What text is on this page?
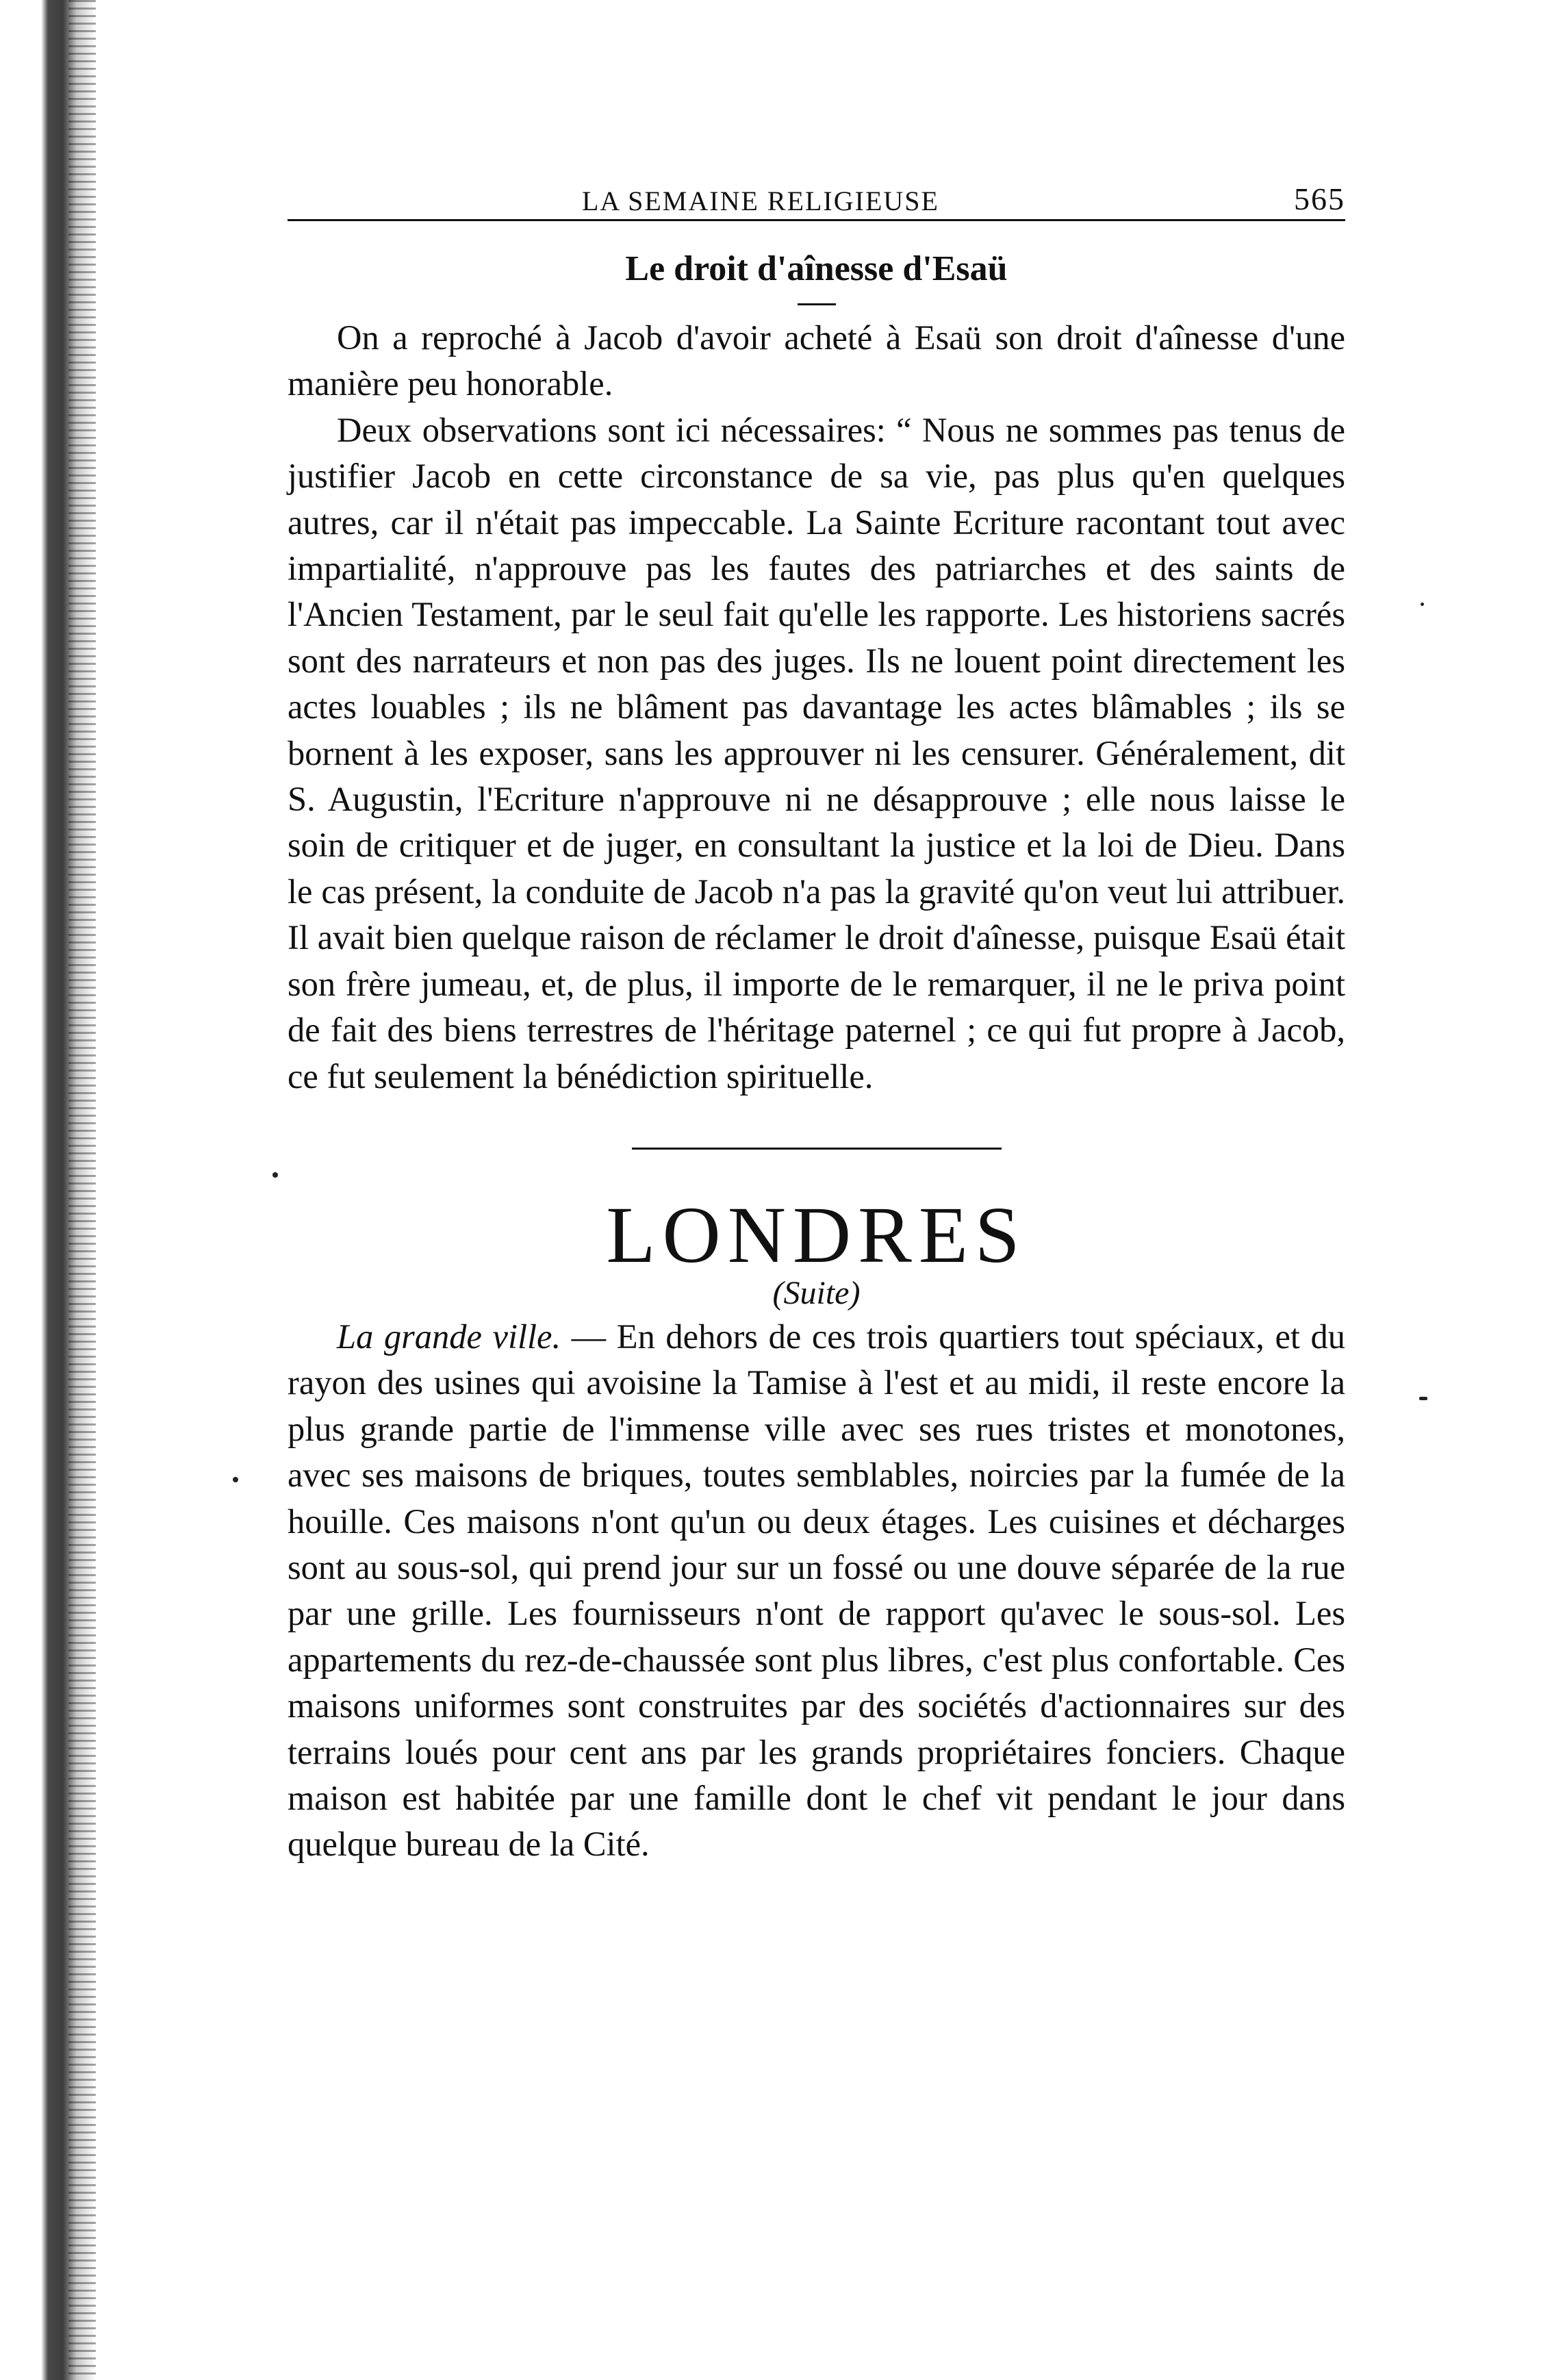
LA SEMAINE RELIGIEUSE	565
Le droit d'aînesse d'Esaü

On a reproché à Jacob d'avoir acheté à Esaü son droit d'aînesse d'une manière peu honorable.

Deux observations sont ici nécessaires: “ Nous ne sommes pas tenus de justifier Jacob en cette circonstance de sa vie, pas plus qu'en quelques autres, car il n'était pas impeccable. La Sainte Ecriture racontant tout avec impartialité, n'approuve pas les fautes des patriarches et des saints de l'Ancien Testament, par le seul fait qu'elle les rapporte. Les historiens sacrés sont des narrateurs et non pas des juges. Ils ne louent point directement les actes louables ; ils ne blâment pas davantage les actes blâmables ; ils se bornent à les exposer, sans les approuver ni les censurer. Généralement, dit S. Augustin, l'Ecriture n'approuve ni ne désapprouve ; elle nous laisse le soin de critiquer et de juger, en consultant la justice et la loi de Dieu. Dans le cas présent, la conduite de Jacob n'a pas la gravité qu'on veut lui attribuer. Il avait bien quelque raison de réclamer le droit d'aînesse, puisque Esaü était son frère jumeau, et, de plus, il importe de le remarquer, il ne le priva point de fait des biens terrestres de l'héritage paternel ; ce qui fut propre à Jacob, ce fut seulement la bénédiction spirituelle.

LONDRES
(Suite)

La grande ville. — En dehors de ces trois quartiers tout spéciaux, et du rayon des usines qui avoisine la Tamise à l'est et au midi, il reste encore la plus grande partie de l'immense ville avec ses rues tristes et monotones, avec ses maisons de briques, toutes semblables, noircies par la fumée de la houille. Ces maisons n'ont qu'un ou deux étages. Les cuisines et décharges sont au sous-sol, qui prend jour sur un fossé ou une douve séparée de la rue par une grille. Les fournisseurs n'ont de rapport qu'avec le sous-sol. Les appartements du rez-de-chaussée sont plus libres, c'est plus confortable. Ces maisons uniformes sont construites par des sociétés d'actionnaires sur des terrains loués pour cent ans par les grands propriétaires fonciers. Chaque maison est habitée par une famille dont le chef vit pendant le jour dans quelque bureau de la Cité.
